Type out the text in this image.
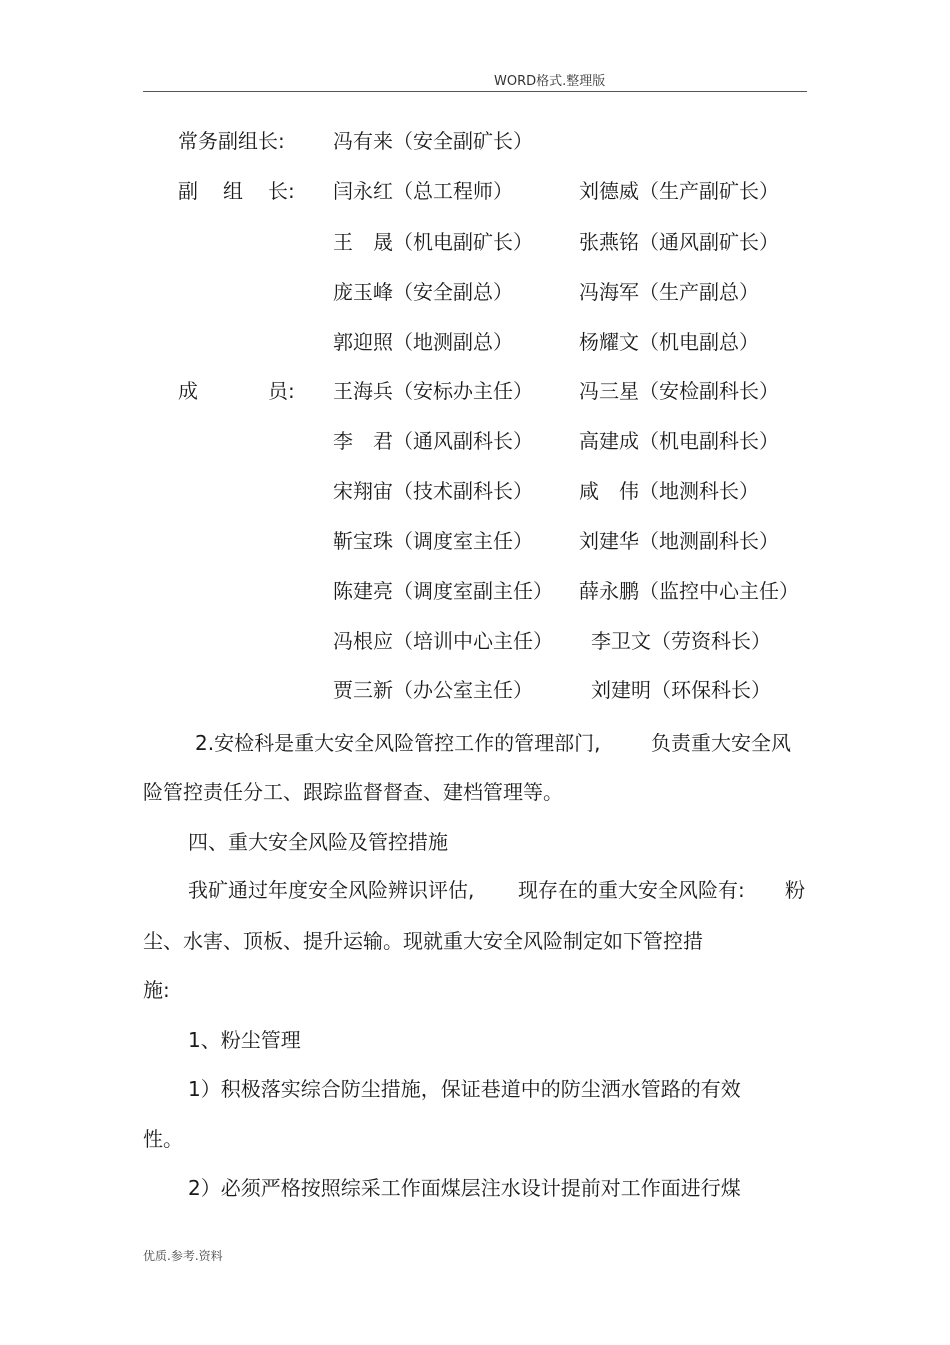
WORD格式.整理版
常务副组长: 冯有来（安全副矿长）
副 组 长: 闫永红（总工程师）	刘德威（生产副矿长）
王　晟（机电副矿长） 张燕铭（通风副矿长）
庞玉峰（安全副总）	冯海军（生产副总）
郭迎照（地测副总）	杨耀文（机电副总）
成	员: 王海兵（安标办主任） 冯三星（安检副科长）
李　君（通风副科长） 高建成（机电副科长）
宋翔宙（技术副科长） 咸　伟（地测科长）
靳宝珠（调度室主任） 刘建华（地测副科长）
陈建亮（调度室副主任） 薛永鹏（监控中心主任）
冯根应（培训中心主任） 李卫文（劳资科长）
贾三新（办公室主任）	刘建明（环保科长）
2.安检科是重大安全风险管控工作的管理部门,	负责重大安全风
险管控责任分工、跟踪监督督查、建档管理等。
四、重大安全风险及管控措施
我矿通过年度安全风险辨识评估, 现存在的重大安全风险有: 粉
尘、水害、顶板、提升运输。现就重大安全风险制定如下管控措
施:
1、粉尘管理
1）积极落实综合防尘措施，保证巷道中的防尘洒水管路的有效
性。
2）必须严格按照综采工作面煤层注水设计提前对工作面进行煤
优质.参考.资料
